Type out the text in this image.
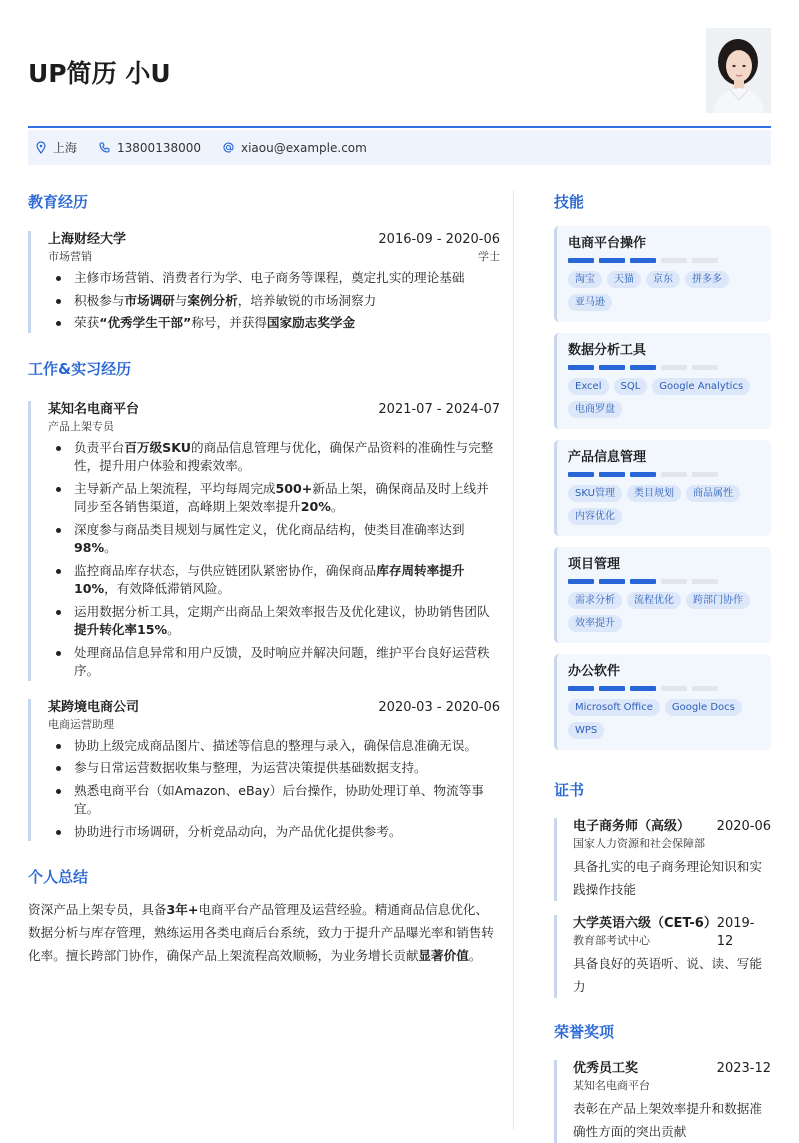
UP简历 小U
上海	13800138000	xiaou@example.com
教育经历
上海财经大学	2016-09 - 2020-06
市场营销	学士
主修市场营销、消费者行为学、电子商务等课程，奠定扎实的理论基础
积极参与市场调研与案例分析，培养敏锐的市场洞察力
荣获“优秀学生干部”称号，并获得国家励志奖学金
工作&实习经历
某知名电商平台	2021-07 - 2024-07
产品上架专员
负责平台百万级SKU的商品信息管理与优化，确保产品资料的准确性与完整性，提升用户体验和搜索效率。
主导新产品上架流程，平均每周完成500+新品上架，确保商品及时上线并同步至各销售渠道，高峰期上架效率提升20%。
深度参与商品类目规划与属性定义，优化商品结构，使类目准确率达到98%。
监控商品库存状态，与供应链团队紧密协作，确保商品库存周转率提升10%，有效降低滞销风险。
运用数据分析工具，定期产出商品上架效率报告及优化建议，协助销售团队提升转化率15%。
处理商品信息异常和用户反馈，及时响应并解决问题，维护平台良好运营秩序。
某跨境电商公司	2020-03 - 2020-06
电商运营助理
协助上级完成商品图片、描述等信息的整理与录入，确保信息准确无误。
参与日常运营数据收集与整理，为运营决策提供基础数据支持。
熟悉电商平台（如Amazon、eBay）后台操作，协助处理订单、物流等事宜。
协助进行市场调研，分析竞品动向，为产品优化提供参考。
个人总结
资深产品上架专员，具备3年+电商平台产品管理及运营经验。精通商品信息优化、数据分析与库存管理，熟练运用各类电商后台系统，致力于提升产品曝光率和销售转化率。擅长跨部门协作，确保产品上架流程高效顺畅，为业务增长贡献显著价值。
技能
电商平台操作
淘宝	天猫	京东	拼多多
亚马逊
数据分析工具
Excel	SQL	Google Analytics
电商罗盘
产品信息管理
SKU管理	类目规划	商品属性
内容优化
项目管理
需求分析	流程优化	跨部门协作
效率提升
办公软件
Microsoft Office	Google Docs
WPS
证书
电子商务师（高级） 2020-06
国家人力资源和社会保障部
具备扎实的电子商务理论知识和实践操作技能
大学英语六级（CET-6） 2019-12
教育部考试中心
具备良好的英语听、说、读、写能力
荣誉奖项
优秀员工奖	2023-12
某知名电商平台
表彰在产品上架效率提升和数据准确性方面的突出贡献
